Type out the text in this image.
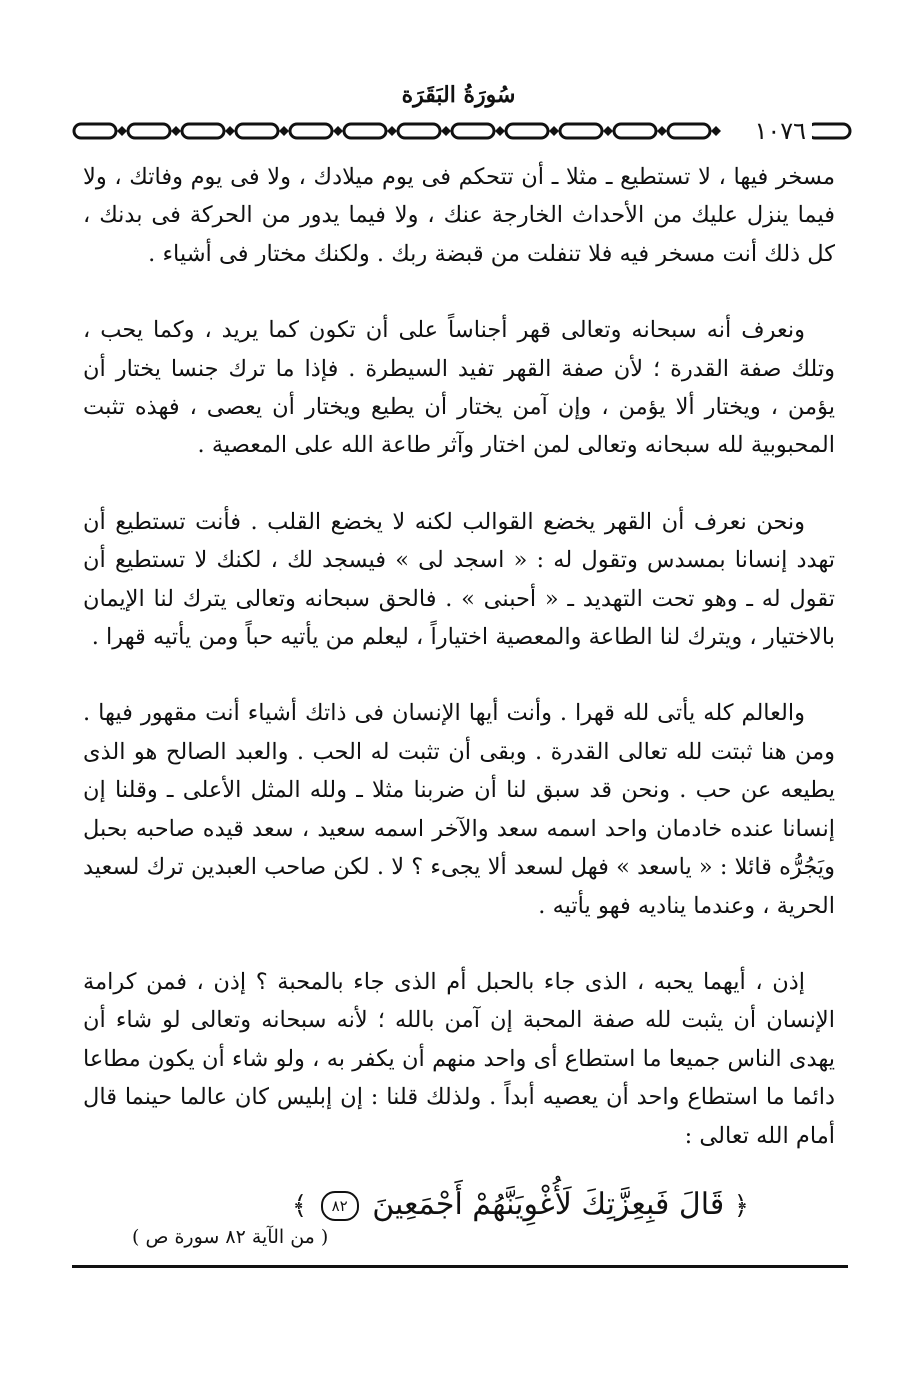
سُورَةُ البَقَرَة
١٠٧٦

مسخر فيها ، لا تستطيع ـ مثلا ـ أن تتحكم فى يوم ميلادك ، ولا فى يوم وفاتك ، ولا فيما ينزل عليك من الأحداث الخارجة عنك ، ولا فيما يدور من الحركة فى بدنك ، كل ذلك أنت مسخر فيه فلا تنفلت من قبضة ربك . ولكنك مختار فى أشياء .

ونعرف أنه سبحانه وتعالى قهر أجناساً على أن تكون كما يريد ، وكما يحب ، وتلك صفة القدرة ؛ لأن صفة القهر تفيد السيطرة . فإذا ما ترك جنسا يختار أن يؤمن ، ويختار ألا يؤمن ، وإن آمن يختار أن يطيع ويختار أن يعصى ، فهذه تثبت المحبوبية لله سبحانه وتعالى لمن اختار وآثر طاعة الله على المعصية .

ونحن نعرف أن القهر يخضع القوالب لكنه لا يخضع القلب . فأنت تستطيع أن تهدد إنسانا بمسدس وتقول له : « اسجد لى » فيسجد لك ، لكنك لا تستطيع أن تقول له ـ وهو تحت التهديد ـ « أحبنى » . فالحق سبحانه وتعالى يترك لنا الإيمان بالاختيار ، ويترك لنا الطاعة والمعصية اختياراً ، ليعلم من يأتيه حباً ومن يأتيه قهرا .

والعالم كله يأتى لله قهرا . وأنت أيها الإنسان فى ذاتك أشياء أنت مقهور فيها . ومن هنا ثبتت لله تعالى القدرة . وبقى أن تثبت له الحب . والعبد الصالح هو الذى يطيعه عن حب . ونحن قد سبق لنا أن ضربنا مثلا ـ ولله المثل الأعلى ـ وقلنا إن إنسانا عنده خادمان واحد اسمه سعد والآخر اسمه سعيد ، سعد قيده صاحبه بحبل ويَجُرُّه قائلا : « ياسعد » فهل لسعد ألا يجىء ؟ لا . لكن صاحب العبدين ترك لسعيد الحرية ، وعندما يناديه فهو يأتيه .

إذن ، أيهما يحبه ، الذى جاء بالحبل أم الذى جاء بالمحبة ؟ إذن ، فمن كرامة الإنسان أن يثبت لله صفة المحبة إن آمن بالله ؛ لأنه سبحانه وتعالى لو شاء أن يهدى الناس جميعا ما استطاع أى واحد منهم أن يكفر به ، ولو شاء أن يكون مطاعا دائما ما استطاع واحد أن يعصيه أبداً . ولذلك قلنا : إن إبليس كان عالما حينما قال أمام الله تعالى :

﴿ قَالَ فَبِعِزَّتِكَ لَأُغْوِيَنَّهُمْ أَجْمَعِينَ ٨٢ ﴾
( من الآية ٨٢ سورة ص )
